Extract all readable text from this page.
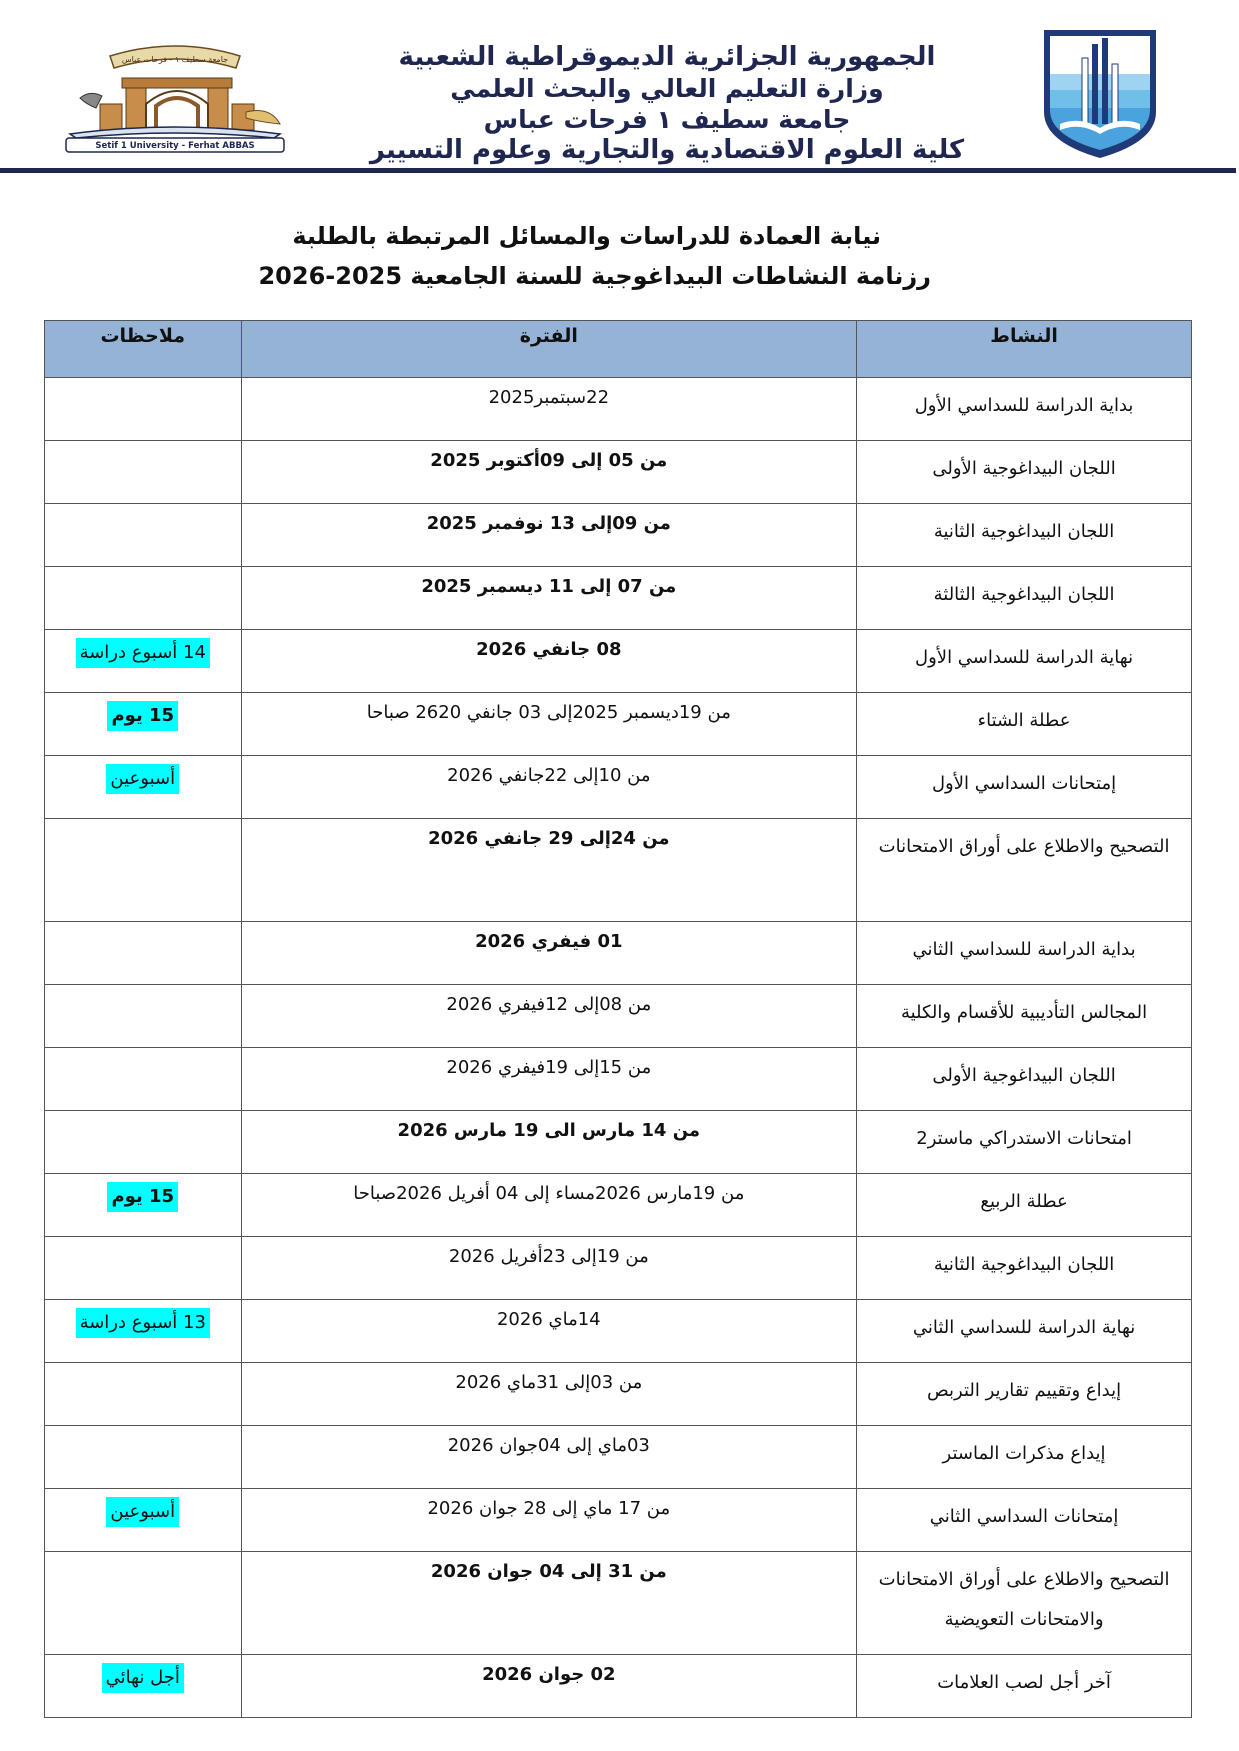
جامعة سطيف ١ - فرحات عباس
Setif 1 University - Ferhat ABBAS
الجمهورية الجزائرية الديموقراطية الشعبية
وزارة التعليم العالي والبحث العلمي
جامعة سطيف ١ فرحات عباس
كلية العلوم الاقتصادية والتجارية وعلوم التسيير
نيابة العمادة للدراسات والمسائل المرتبطة بالطلبة
رزنامة النشاطات البيداغوجية للسنة الجامعية 2025-2026
النشاط	الفترة	ملاحظات
بداية الدراسة للسداسي الأول	22سبتمبر2025	
اللجان البيداغوجية الأولى	من 05 إلى 09أكتوبر 2025	
اللجان البيداغوجية الثانية	من 09إلى 13 نوفمبر 2025	
اللجان البيداغوجية الثالثة	من 07 إلى 11 ديسمبر 2025	
نهاية الدراسة للسداسي الأول	08 جانفي 2026	14 أسبوع دراسة
عطلة الشتاء	من 19ديسمبر 2025إلى 03 جانفي 2620 صباحا	15 يوم
إمتحانات السداسي الأول	من 10إلى 22جانفي 2026	أسبوعين
التصحيح والاطلاع على أوراق الامتحانات	من 24إلى 29 جانفي 2026	
بداية الدراسة للسداسي الثاني	01 فيفري 2026	
المجالس التأديبية للأقسام والكلية	من 08إلى 12فيفري 2026	
اللجان البيداغوجية الأولى	من 15إلى 19فيفري 2026	
امتحانات الاستدراكي ماستر2	من 14 مارس الى 19 مارس 2026	
عطلة الربيع	من 19مارس 2026مساء إلى 04 أفريل 2026صباحا	15 يوم
اللجان البيداغوجية الثانية	من 19إلى 23أفريل 2026	
نهاية الدراسة للسداسي الثاني	14ماي 2026	13 أسبوع دراسة
إيداع وتقييم تقارير التربص	من 03إلى 31ماي 2026	
إيداع مذكرات الماستر	03ماي إلى 04جوان 2026	
إمتحانات السداسي الثاني	من 17 ماي إلى 28 جوان 2026	أسبوعين
التصحيح والاطلاع على أوراق الامتحانات والامتحانات التعويضية	من 31 إلى 04 جوان 2026	
آخر أجل لصب العلامات	02 جوان 2026	أجل نهائي
